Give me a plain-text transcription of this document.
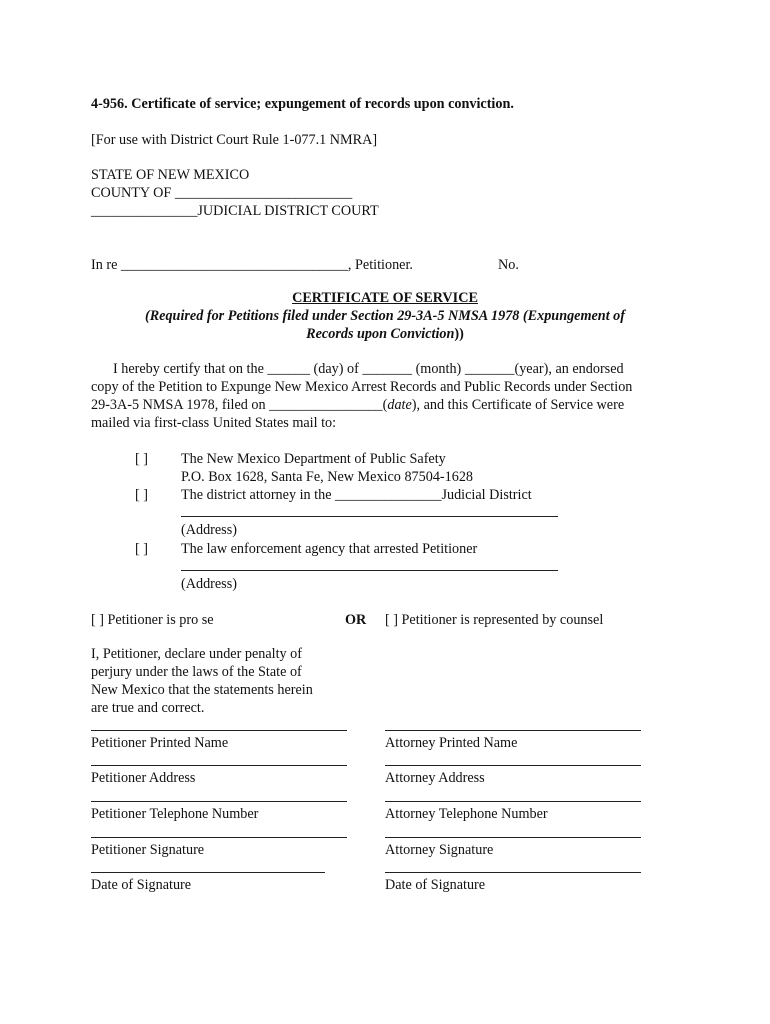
4-956. Certificate of service; expungement of records upon conviction.
[For use with District Court Rule 1-077.1 NMRA]
STATE OF NEW MEXICO
COUNTY OF _________________________
_______________JUDICIAL DISTRICT COURT
In re ________________________________, Petitioner.	No.
CERTIFICATE OF SERVICE
(Required for Petitions filed under Section 29-3A-5 NMSA 1978 (Expungement of
Records upon Conviction))
I hereby certify that on the ______ (day) of _______ (month) _______(year), an endorsed
copy of the Petition to Expunge New Mexico Arrest Records and Public Records under Section
29-3A-5 NMSA 1978, filed on ________________(date), and this Certificate of Service were
mailed via first-class United States mail to:
[ ] The New Mexico Department of Public Safety
P.O. Box 1628, Santa Fe, New Mexico 87504-1628
[ ] The district attorney in the _______________Judicial District
(Address)
[ ] The law enforcement agency that arrested Petitioner
(Address)
[ ] Petitioner is pro se	OR [ ] Petitioner is represented by counsel
I, Petitioner, declare under penalty of
perjury under the laws of the State of
New Mexico that the statements herein
are true and correct.
Petitioner Printed Name
Petitioner Address
Petitioner Telephone Number
Petitioner Signature
Date of Signature
Attorney Printed Name
Attorney Address
Attorney Telephone Number
Attorney Signature
Date of Signature
